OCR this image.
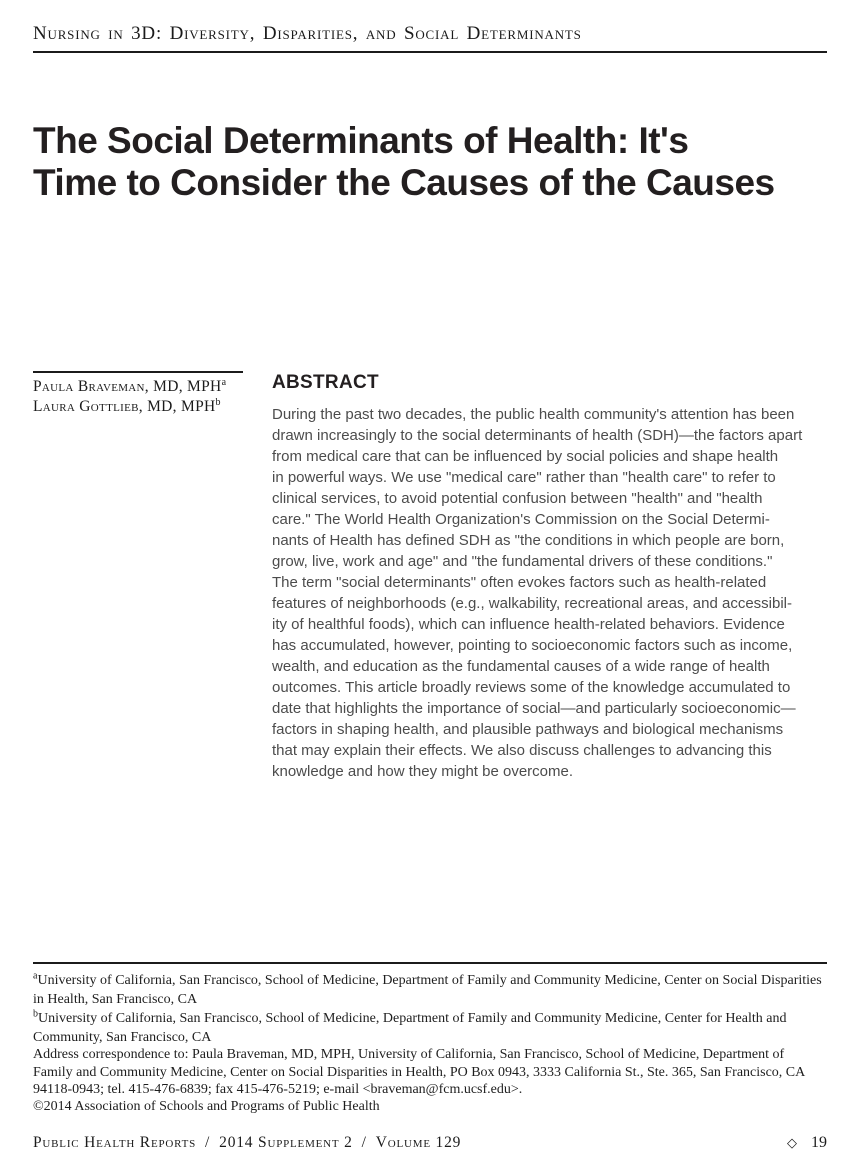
Nursing in 3D: Diversity, Disparities, and Social Determinants
The Social Determinants of Health: It's
Time to Consider the Causes of the Causes
Paula Braveman, MD, MPH$^a$
Laura Gottlieb, MD, MPH$^b$
ABSTRACT
During the past two decades, the public health community's attention has been
drawn increasingly to the social determinants of health (SDH)—the factors apart
from medical care that can be influenced by social policies and shape health
in powerful ways. We use "medical care" rather than "health care" to refer to
clinical services, to avoid potential confusion between "health" and "health
care." The World Health Organization's Commission on the Social Determi-
nants of Health has defined SDH as "the conditions in which people are born,
grow, live, work and age" and "the fundamental drivers of these conditions."
The term "social determinants" often evokes factors such as health-related
features of neighborhoods (e.g., walkability, recreational areas, and accessibil-
ity of healthful foods), which can influence health-related behaviors. Evidence
has accumulated, however, pointing to socioeconomic factors such as income,
wealth, and education as the fundamental causes of a wide range of health
outcomes. This article broadly reviews some of the knowledge accumulated to
date that highlights the importance of social—and particularly socioeconomic—
factors in shaping health, and plausible pathways and biological mechanisms
that may explain their effects. We also discuss challenges to advancing this
knowledge and how they might be overcome.

$^a$University of California, San Francisco, School of Medicine, Department of Family and Community Medicine, Center on Social Disparities in Health, San Francisco, CA

$^b$University of California, San Francisco, School of Medicine, Department of Family and Community Medicine, Center for Health and Community, San Francisco, CA

Address correspondence to: Paula Braveman, MD, MPH, University of California, San Francisco, School of Medicine, Department of Family and Community Medicine, Center on Social Disparities in Health, PO Box 0943, 3333 California St., Ste. 365, San Francisco, CA 94118-0943; tel. 415-476-6839; fax 415-476-5219; e-mail <braveman@fcm.ucsf.edu>.

©2014 Association of Schools and Programs of Public Health

Public Health Reports / 2014 Supplement 2 / Volume 129	◇ 19
